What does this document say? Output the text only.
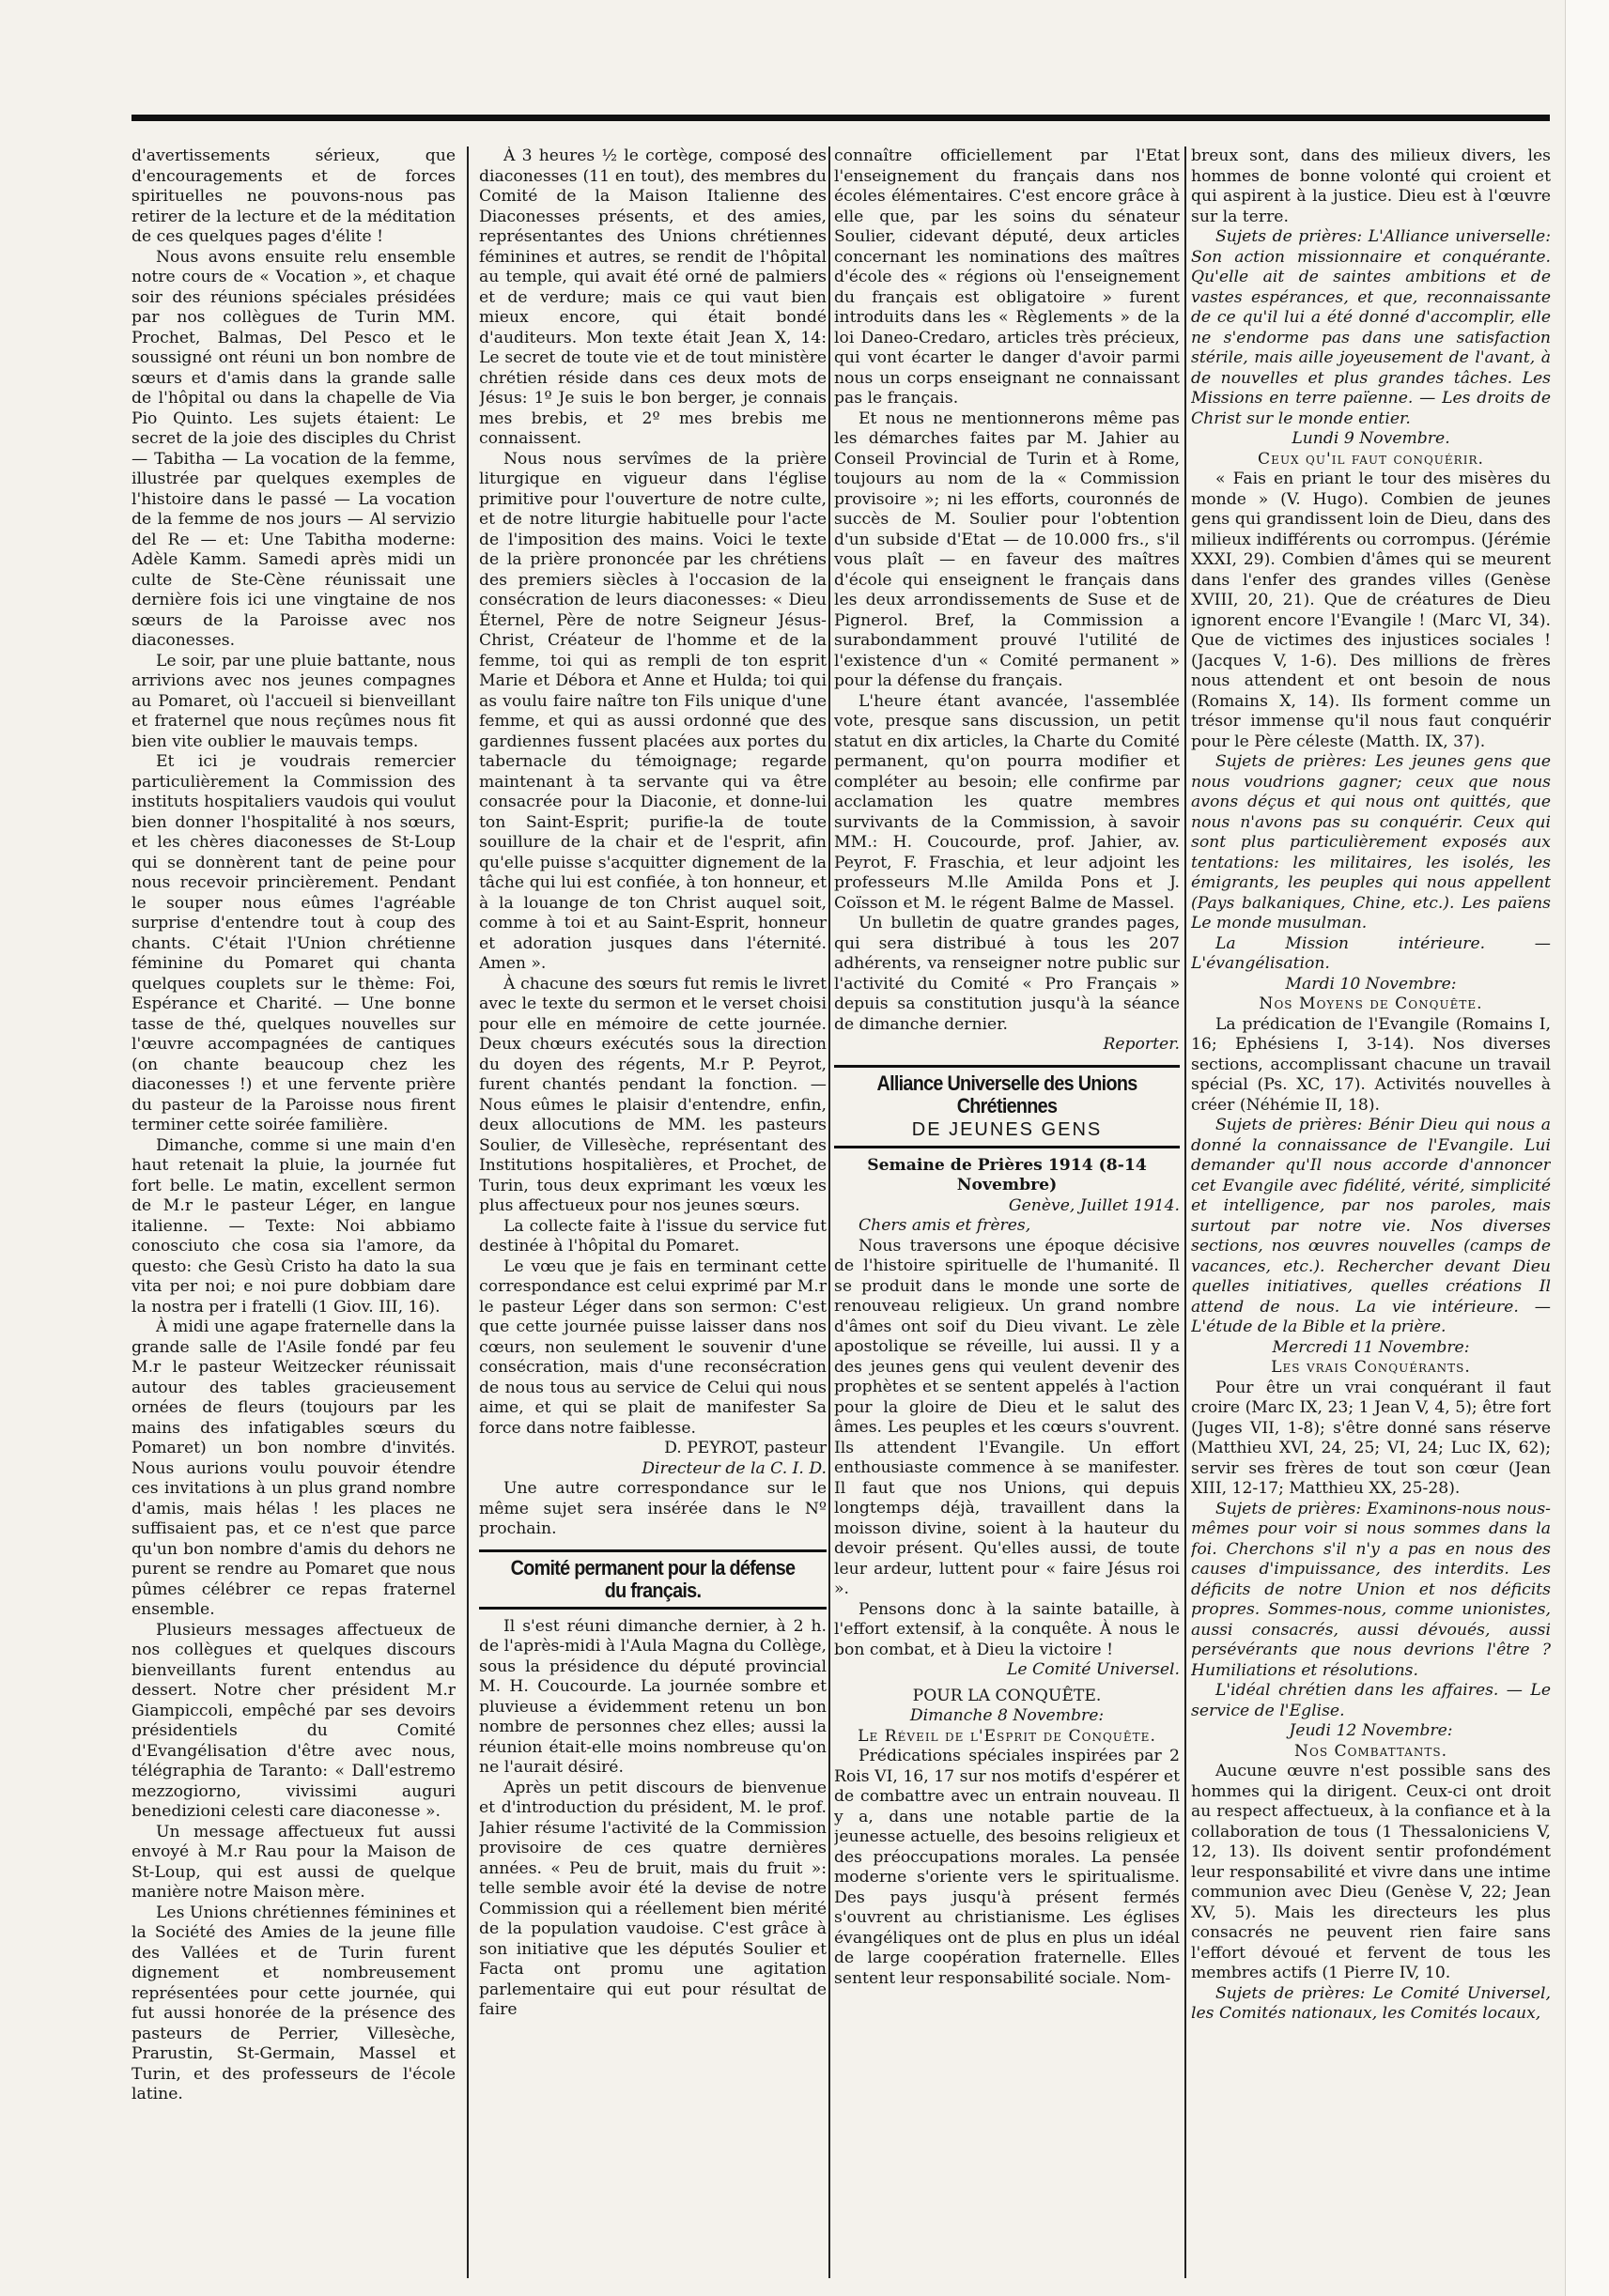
d'avertissements sérieux, que d'encouragements et de forces spirituelles ne pouvons-nous pas retirer de la lecture et de la méditation de ces quelques pages d'élite !

Nous avons ensuite relu ensemble notre cours de « Vocation », et chaque soir des réunions spéciales présidées par nos collègues de Turin MM. Prochet, Balmas, Del Pesco et le soussigné ont réuni un bon nombre de sœurs et d'amis dans la grande salle de l'hôpital ou dans la chapelle de Via Pio Quinto. Les sujets étaient: Le secret de la joie des disciples du Christ — Tabitha — La vocation de la femme, illustrée par quelques exemples de l'histoire dans le passé — La vocation de la femme de nos jours — Al servizio del Re — et: Une Tabitha moderne: Adèle Kamm. Samedi après midi un culte de Ste-Cène réunissait une dernière fois ici une vingtaine de nos sœurs de la Paroisse avec nos diaconesses.

Le soir, par une pluie battante, nous arrivions avec nos jeunes compagnes au Pomaret, où l'accueil si bienveillant et fraternel que nous reçûmes nous fit bien vite oublier le mauvais temps.

Et ici je voudrais remercier particulièrement la Commission des instituts hospitaliers vaudois qui voulut bien donner l'hospitalité à nos sœurs, et les chères diaconesses de St-Loup qui se donnèrent tant de peine pour nous recevoir princièrement. Pendant le souper nous eûmes l'agréable surprise d'entendre tout à coup des chants. C'était l'Union chrétienne féminine du Pomaret qui chanta quelques couplets sur le thème: Foi, Espérance et Charité. — Une bonne tasse de thé, quelques nouvelles sur l'œuvre accompagnées de cantiques (on chante beaucoup chez les diaconesses !) et une fervente prière du pasteur de la Paroisse nous firent terminer cette soirée familière.

Dimanche, comme si une main d'en haut retenait la pluie, la journée fut fort belle. Le matin, excellent sermon de M.r le pasteur Léger, en langue italienne. — Texte: Noi abbiamo conosciuto che cosa sia l'amore, da questo: che Gesù Cristo ha dato la sua vita per noi; e noi pure dobbiam dare la nostra per i fratelli (1 Giov. III, 16).

À midi une agape fraternelle dans la grande salle de l'Asile fondé par feu M.r le pasteur Weitzecker réunissait autour des tables gracieusement ornées de fleurs (toujours par les mains des infatigables sœurs du Pomaret) un bon nombre d'invités. Nous aurions voulu pouvoir étendre ces invitations à un plus grand nombre d'amis, mais hélas ! les places ne suffisaient pas, et ce n'est que parce qu'un bon nombre d'amis du dehors ne purent se rendre au Pomaret que nous pûmes célébrer ce repas fraternel ensemble.

Plusieurs messages affectueux de nos collègues et quelques discours bienveillants furent entendus au dessert. Notre cher président M.r Giampiccoli, empêché par ses devoirs présidentiels du Comité d'Evangélisation d'être avec nous, télégraphia de Taranto: « Dall'estremo mezzogiorno, vivissimi auguri benedizioni celesti care diaconesse ».

Un message affectueux fut aussi envoyé à M.r Rau pour la Maison de St-Loup, qui est aussi de quelque manière notre Maison mère.

Les Unions chrétiennes féminines et la Société des Amies de la jeune fille des Vallées et de Turin furent dignement et nombreusement représentées pour cette journée, qui fut aussi honorée de la présence des pasteurs de Perrier, Villesèche, Prarustin, St-Germain, Massel et Turin, et des professeurs de l'école latine.

À 3 heures ½ le cortège, composé des diaconesses (11 en tout), des membres du Comité de la Maison Italienne des Diaconesses présents, et des amies, représentantes des Unions chrétiennes féminines et autres, se rendit de l'hôpital au temple, qui avait été orné de palmiers et de verdure; mais ce qui vaut bien mieux encore, qui était bondé d'auditeurs. Mon texte était Jean X, 14: Le secret de toute vie et de tout ministère chrétien réside dans ces deux mots de Jésus: 1º Je suis le bon berger, je connais mes brebis, et 2º mes brebis me connaissent.

Nous nous servîmes de la prière liturgique en vigueur dans l'église primitive pour l'ouverture de notre culte, et de notre liturgie habituelle pour l'acte de l'imposition des mains. Voici le texte de la prière prononcée par les chrétiens des premiers siècles à l'occasion de la consécration de leurs diaconesses: « Dieu Éternel, Père de notre Seigneur Jésus-Christ, Créateur de l'homme et de la femme, toi qui as rempli de ton esprit Marie et Débora et Anne et Hulda; toi qui as voulu faire naître ton Fils unique d'une femme, et qui as aussi ordonné que des gardiennes fussent placées aux portes du tabernacle du témoignage; regarde maintenant à ta servante qui va être consacrée pour la Diaconie, et donne-lui ton Saint-Esprit; purifie-la de toute souillure de la chair et de l'esprit, afin qu'elle puisse s'acquitter dignement de la tâche qui lui est confiée, à ton honneur, et à la louange de ton Christ auquel soit, comme à toi et au Saint-Esprit, honneur et adoration jusques dans l'éternité. Amen ».

À chacune des sœurs fut remis le livret avec le texte du sermon et le verset choisi pour elle en mémoire de cette journée. Deux chœurs exécutés sous la direction du doyen des régents, M.r P. Peyrot, furent chantés pendant la fonction. — Nous eûmes le plaisir d'entendre, enfin, deux allocutions de MM. les pasteurs Soulier, de Villesèche, représentant des Institutions hospitalières, et Prochet, de Turin, tous deux exprimant les vœux les plus affectueux pour nos jeunes sœurs.

La collecte faite à l'issue du service fut destinée à l'hôpital du Pomaret.

Le vœu que je fais en terminant cette correspondance est celui exprimé par M.r le pasteur Léger dans son sermon: C'est que cette journée puisse laisser dans nos cœurs, non seulement le souvenir d'une consécration, mais d'une reconsécration de nous tous au service de Celui qui nous aime, et qui se plait de manifester Sa force dans notre faiblesse.

D. PEYROT, pasteur
Directeur de la C. I. D.

Une autre correspondance sur le même sujet sera insérée dans le Nº prochain.

Comité permanent pour la défense du français.

Il s'est réuni dimanche dernier, à 2 h. de l'après-midi à l'Aula Magna du Collège, sous la présidence du député provincial M. H. Coucourde. La journée sombre et pluvieuse a évidemment retenu un bon nombre de personnes chez elles; aussi la réunion était-elle moins nombreuse qu'on ne l'aurait désiré.

Après un petit discours de bienvenue et d'introduction du président, M. le prof. Jahier résume l'activité de la Commission provisoire de ces quatre dernières années. « Peu de bruit, mais du fruit »: telle semble avoir été la devise de notre Commission qui a réellement bien mérité de la population vaudoise. C'est grâce à son initiative que les députés Soulier et Facta ont promu une agitation parlementaire qui eut pour résultat de faire

connaître officiellement par l'Etat l'enseignement du français dans nos écoles élémentaires. C'est encore grâce à elle que, par les soins du sénateur Soulier, cidevant député, deux articles concernant les nominations des maîtres d'école des « régions où l'enseignement du français est obligatoire » furent introduits dans les « Règlements » de la loi Daneo-Credaro, articles très précieux, qui vont écarter le danger d'avoir parmi nous un corps enseignant ne connaissant pas le français.

Et nous ne mentionnerons même pas les démarches faites par M. Jahier au Conseil Provincial de Turin et à Rome, toujours au nom de la « Commission provisoire »; ni les efforts, couronnés de succès de M. Soulier pour l'obtention d'un subside d'Etat — de 10.000 frs., s'il vous plaît — en faveur des maîtres d'école qui enseignent le français dans les deux arrondissements de Suse et de Pignerol. Bref, la Commission a surabondamment prouvé l'utilité de l'existence d'un « Comité permanent » pour la défense du français.

L'heure étant avancée, l'assemblée vote, presque sans discussion, un petit statut en dix articles, la Charte du Comité permanent, qu'on pourra modifier et compléter au besoin; elle confirme par acclamation les quatre membres survivants de la Commission, à savoir MM.: H. Coucourde, prof. Jahier, av. Peyrot, F. Fraschia, et leur adjoint les professeurs M.lle Amilda Pons et J. Coïsson et M. le régent Balme de Massel.

Un bulletin de quatre grandes pages, qui sera distribué à tous les 207 adhérents, va renseigner notre public sur l'activité du Comité « Pro Français » depuis sa constitution jusqu'à la séance de dimanche dernier.

Reporter.
Alliance Universelle des Unions Chrétiennes
DE JEUNES GENS

Semaine de Prières 1914 (8-14 Novembre)

Genève, Juillet 1914.

Chers amis et frères,

Nous traversons une époque décisive de l'histoire spirituelle de l'humanité. Il se produit dans le monde une sorte de renouveau religieux. Un grand nombre d'âmes ont soif du Dieu vivant. Le zèle apostolique se réveille, lui aussi. Il y a des jeunes gens qui veulent devenir des prophètes et se sentent appelés à l'action pour la gloire de Dieu et le salut des âmes. Les peuples et les cœurs s'ouvrent. Ils attendent l'Evangile. Un effort enthousiaste commence à se manifester. Il faut que nos Unions, qui depuis longtemps déjà, travaillent dans la moisson divine, soient à la hauteur du devoir présent. Qu'elles aussi, de toute leur ardeur, luttent pour « faire Jésus roi ».

Pensons donc à la sainte bataille, à l'effort extensif, à la conquête. À nous le bon combat, et à Dieu la victoire !

Le Comité Universel.

POUR LA CONQUÊTE.

Dimanche 8 Novembre:

Le Réveil de l'Esprit de Conquête.

Prédications spéciales inspirées par 2 Rois VI, 16, 17 sur nos motifs d'espérer et de combattre avec un entrain nouveau. Il y a, dans une notable partie de la jeunesse actuelle, des besoins religieux et des préoccupations morales. La pensée moderne s'oriente vers le spiritualisme. Des pays jusqu'à présent fermés s'ouvrent au christianisme. Les églises évangéliques ont de plus en plus un idéal de large coopération fraternelle. Elles sentent leur responsabilité sociale. Nom-

breux sont, dans des milieux divers, les hommes de bonne volonté qui croient et qui aspirent à la justice. Dieu est à l'œuvre sur la terre.

Sujets de prières: L'Alliance universelle: Son action missionnaire et conquérante. Qu'elle ait de saintes ambitions et de vastes espérances, et que, reconnaissante de ce qu'il lui a été donné d'accomplir, elle ne s'endorme pas dans une satisfaction stérile, mais aille joyeusement de l'avant, à de nouvelles et plus grandes tâches. Les Missions en terre païenne. — Les droits de Christ sur le monde entier.

Lundi 9 Novembre.

Ceux qu'il faut conquérir.

« Fais en priant le tour des misères du monde » (V. Hugo). Combien de jeunes gens qui grandissent loin de Dieu, dans des milieux indifférents ou corrompus. (Jérémie XXXI, 29). Combien d'âmes qui se meurent dans l'enfer des grandes villes (Genèse XVIII, 20, 21). Que de créatures de Dieu ignorent encore l'Evangile ! (Marc VI, 34). Que de victimes des injustices sociales ! (Jacques V, 1-6). Des millions de frères nous attendent et ont besoin de nous (Romains X, 14). Ils forment comme un trésor immense qu'il nous faut conquérir pour le Père céleste (Matth. IX, 37).

Sujets de prières: Les jeunes gens que nous voudrions gagner; ceux que nous avons déçus et qui nous ont quittés, que nous n'avons pas su conquérir. Ceux qui sont plus particulièrement exposés aux tentations: les militaires, les isolés, les émigrants, les peuples qui nous appellent (Pays balkaniques, Chine, etc.). Les païens Le monde musulman.

La Mission intérieure. — L'évangélisation.

Mardi 10 Novembre:

Nos Moyens de Conquête.

La prédication de l'Evangile (Romains I, 16; Ephésiens I, 3-14). Nos diverses sections, accomplissant chacune un travail spécial (Ps. XC, 17). Activités nouvelles à créer (Néhémie II, 18).

Sujets de prières: Bénir Dieu qui nous a donné la connaissance de l'Evangile. Lui demander qu'Il nous accorde d'annoncer cet Evangile avec fidélité, vérité, simplicité et intelligence, par nos paroles, mais surtout par notre vie. Nos diverses sections, nos œuvres nouvelles (camps de vacances, etc.). Rechercher devant Dieu quelles initiatives, quelles créations Il attend de nous. La vie intérieure. — L'étude de la Bible et la prière.

Mercredi 11 Novembre:

Les vrais Conquérants.

Pour être un vrai conquérant il faut croire (Marc IX, 23; 1 Jean V, 4, 5); être fort (Juges VII, 1-8); s'être donné sans réserve (Matthieu XVI, 24, 25; VI, 24; Luc IX, 62); servir ses frères de tout son cœur (Jean XIII, 12-17; Matthieu XX, 25-28).

Sujets de prières: Examinons-nous nous-mêmes pour voir si nous sommes dans la foi. Cherchons s'il n'y a pas en nous des causes d'impuissance, des interdits. Les déficits de notre Union et nos déficits propres. Sommes-nous, comme unionistes, aussi consacrés, aussi dévoués, aussi persévérants que nous devrions l'être ? Humiliations et résolutions.

L'idéal chrétien dans les affaires. — Le service de l'Eglise.

Jeudi 12 Novembre:

Nos Combattants.

Aucune œuvre n'est possible sans des hommes qui la dirigent. Ceux-ci ont droit au respect affectueux, à la confiance et à la collaboration de tous (1 Thessaloniciens V, 12, 13). Ils doivent sentir profondément leur responsabilité et vivre dans une intime communion avec Dieu (Genèse V, 22; Jean XV, 5). Mais les directeurs les plus consacrés ne peuvent rien faire sans l'effort dévoué et fervent de tous les membres actifs (1 Pierre IV, 10.

Sujets de prières: Le Comité Universel, les Comités nationaux, les Comités locaux,
